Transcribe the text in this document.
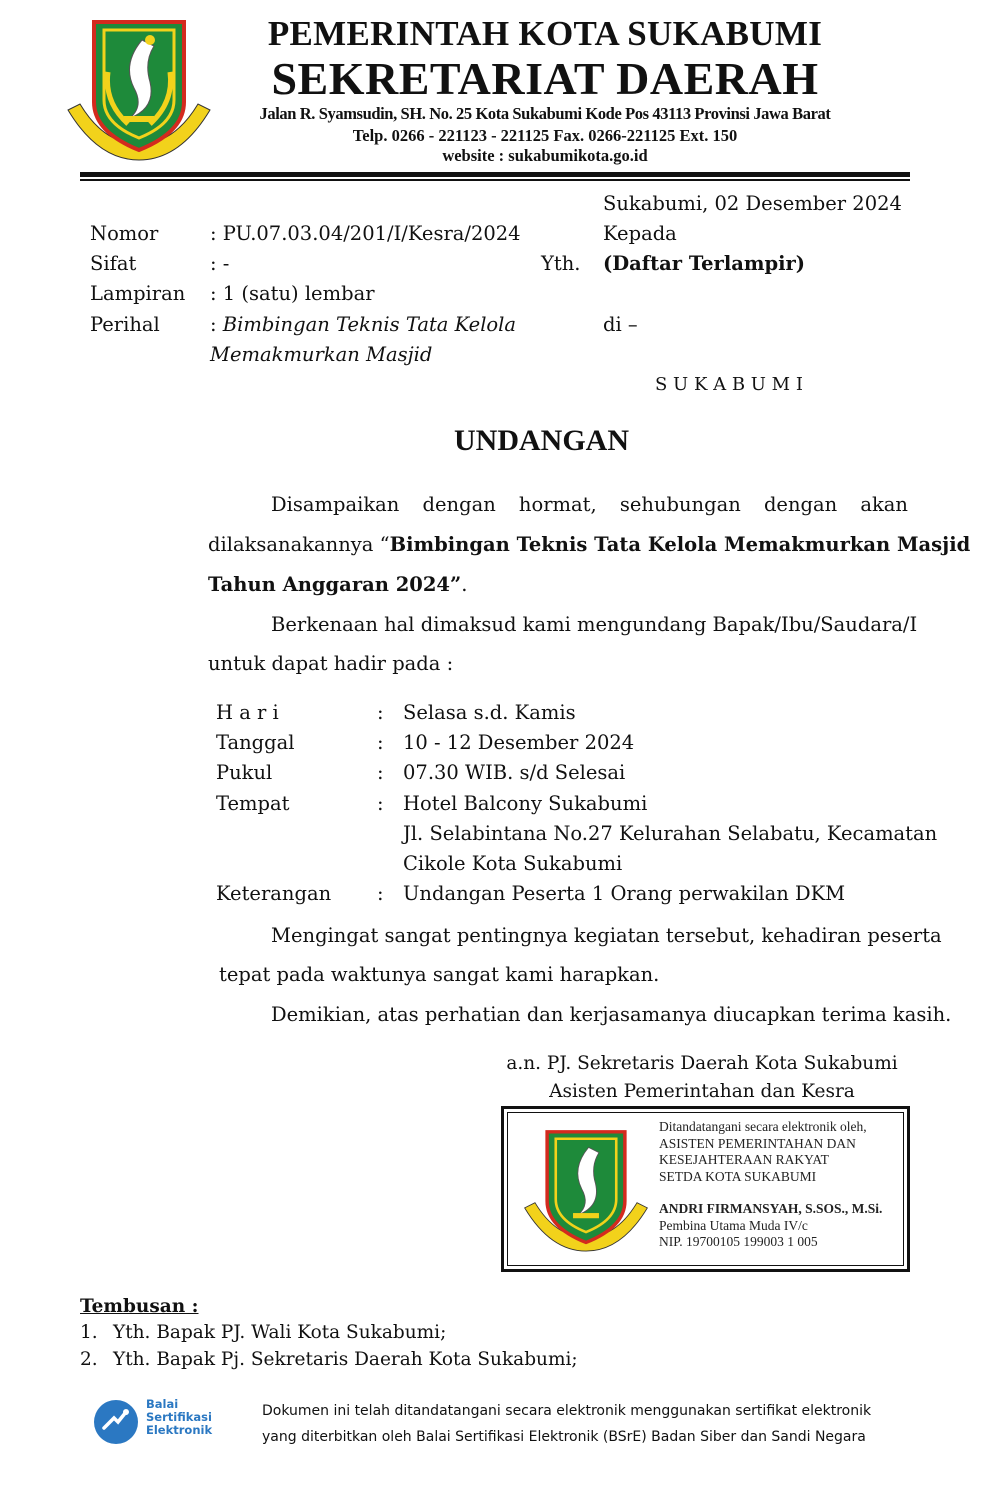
PEMERINTAH KOTA SUKABUMI
SEKRETARIAT DAERAH
Jalan R. Syamsudin, SH. No. 25 Kota Sukabumi Kode Pos 43113 Provinsi Jawa Barat
Telp. 0266 - 221123 - 221125 Fax. 0266-221125 Ext. 150
website : sukabumikota.go.id
Sukabumi, 02 Desember 2024
Nomor	: PU.07.03.04/201/I/Kesra/2024
Sifat	: -
Lampiran : 1 (satu) lembar
Perihal	: Bimbingan Teknis Tata Kelola
Memakmurkan Masjid
Kepada
Yth. (Daftar Terlampir)
di –
S U K A B U M I
UNDANGAN
Disampaikan dengan hormat, sehubungan dengan akan
dilaksanakannya “Bimbingan Teknis Tata Kelola Memakmurkan Masjid
Tahun Anggaran 2024”.
Berkenaan hal dimaksud kami mengundang Bapak/Ibu/Saudara/I
untuk dapat hadir pada :
H a r i	: Selasa s.d. Kamis
Tanggal	: 10 - 12 Desember 2024
Pukul	: 07.30 WIB. s/d Selesai
Tempat	: Hotel Balcony Sukabumi
Jl. Selabintana No.27 Kelurahan Selabatu, Kecamatan
Cikole Kota Sukabumi
Keterangan : Undangan Peserta 1 Orang perwakilan DKM
Mengingat sangat pentingnya kegiatan tersebut, kehadiran peserta
tepat pada waktunya sangat kami harapkan.
Demikian, atas perhatian dan kerjasamanya diucapkan terima kasih.
a.n. PJ. Sekretaris Daerah Kota Sukabumi
Asisten Pemerintahan dan Kesra
Ditandatangani secara elektronik oleh,
ASISTEN PEMERINTAHAN DAN
KESEJAHTERAAN RAKYAT
SETDA KOTA SUKABUMI
ANDRI FIRMANSYAH, S.SOS., M.Si.
Pembina Utama Muda IV/c
NIP. 19700105 199003 1 005
Tembusan :
1. Yth. Bapak PJ. Wali Kota Sukabumi;
2. Yth. Bapak Pj. Sekretaris Daerah Kota Sukabumi;
Balai
Sertifikasi
Elektronik
Dokumen ini telah ditandatangani secara elektronik menggunakan sertifikat elektronik
yang diterbitkan oleh Balai Sertifikasi Elektronik (BSrE) Badan Siber dan Sandi Negara
